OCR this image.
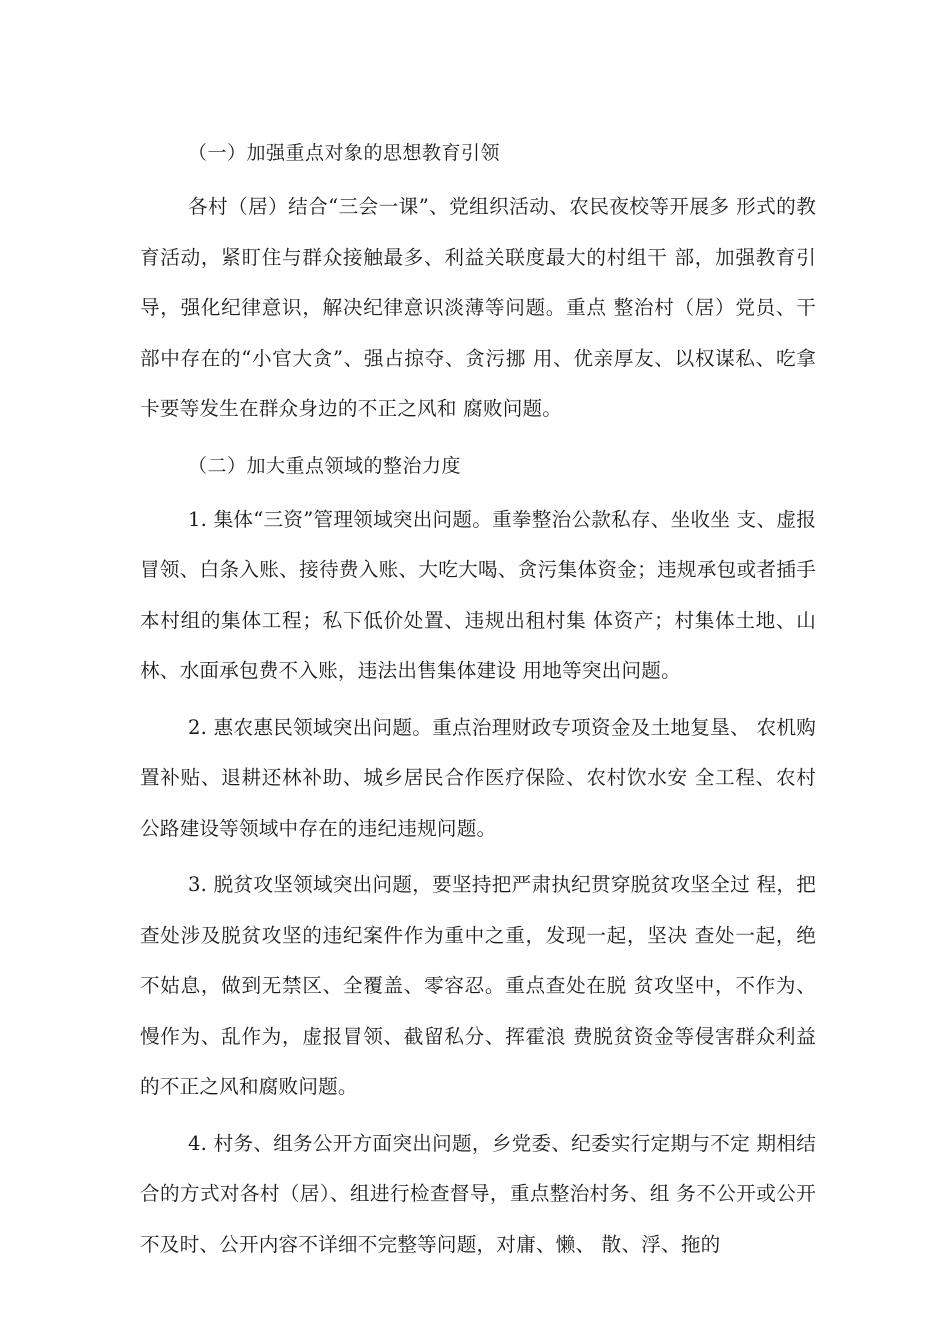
（一）加强重点对象的思想教育引领

各村（居）结合“三会一课”、党组织活动、农民夜校等开展多 形式的教育活动，紧盯住与群众接触最多、利益关联度最大的村组干 部，加强教育引导，强化纪律意识，解决纪律意识淡薄等问题。重点 整治村（居）党员、干部中存在的“小官大贪”、强占掠夺、贪污挪 用、优亲厚友、以权谋私、吃拿卡要等发生在群众身边的不正之风和 腐败问题。

（二）加大重点领域的整治力度

1. 集体“三资”管理领域突出问题。重拳整治公款私存、坐收坐 支、虚报冒领、白条入账、接待费入账、大吃大喝、贪污集体资金；违规承包或者插手本村组的集体工程；私下低价处置、违规出租村集 体资产；村集体土地、山林、水面承包费不入账，违法出售集体建设 用地等突出问题。

2. 惠农惠民领域突出问题。重点治理财政专项资金及土地复垦、 农机购置补贴、退耕还林补助、城乡居民合作医疗保险、农村饮水安 全工程、农村公路建设等领域中存在的违纪违规问题。

3. 脱贫攻坚领域突出问题，要坚持把严肃执纪贯穿脱贫攻坚全过 程，把查处涉及脱贫攻坚的违纪案件作为重中之重，发现一起，坚决 查处一起，绝不姑息，做到无禁区、全覆盖、零容忍。重点查处在脱 贫攻坚中，不作为、慢作为、乱作为，虚报冒领、截留私分、挥霍浪 费脱贫资金等侵害群众利益的不正之风和腐败问题。

4. 村务、组务公开方面突出问题，乡党委、纪委实行定期与不定 期相结合的方式对各村（居）、组进行检查督导，重点整治村务、组 务不公开或公开不及时、公开内容不详细不完整等问题，对庸、懒、 散、浮、拖的
